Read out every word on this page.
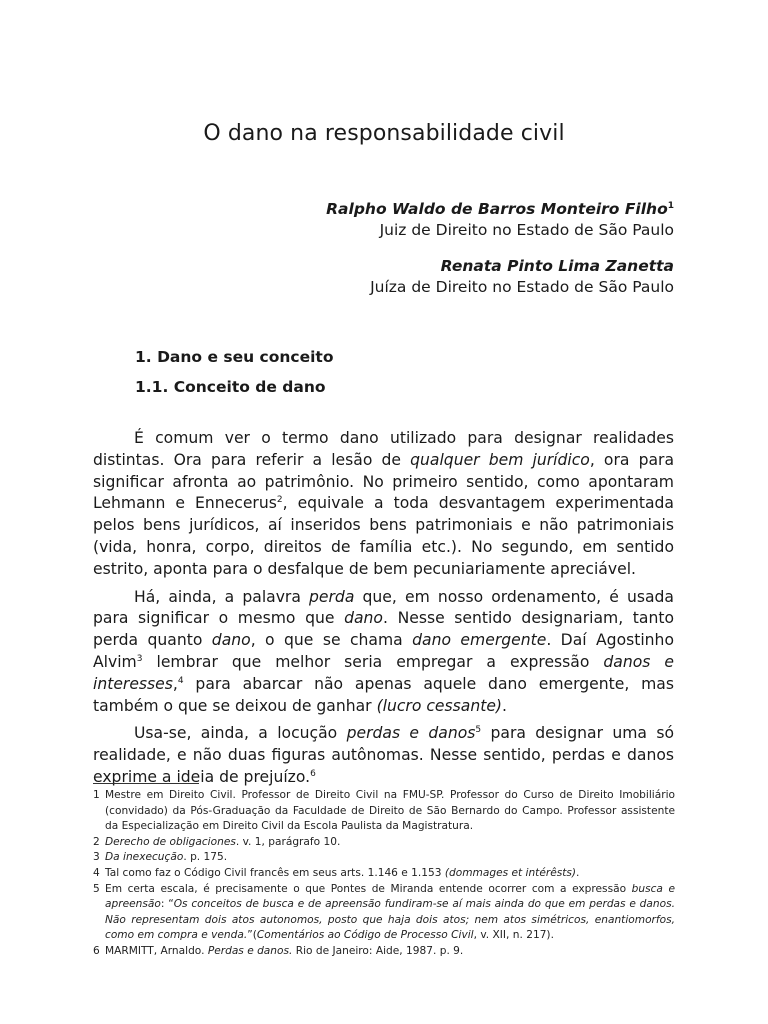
O dano na responsabilidade civil
Ralpho Waldo de Barros Monteiro Filho$^1$
Juiz de Direito no Estado de São Paulo
Renata Pinto Lima Zanetta
Juíza de Direito no Estado de São Paulo
1. Dano e seu conceito
1.1. Conceito de dano

É comum ver o termo dano utilizado para designar realidades distintas. Ora para referir a lesão de qualquer bem jurídico, ora para significar afronta ao patrimônio. No primeiro sentido, como apontaram Lehmann e Ennecerus$^2$, equivale a toda desvantagem experimentada pelos bens jurídicos, aí inseridos bens patrimoniais e não patrimoniais (vida, honra, corpo, direitos de família etc.). No segundo, em sentido estrito, aponta para o desfalque de bem pecuniariamente apreciável.

Há, ainda, a palavra perda que, em nosso ordenamento, é usada para significar o mesmo que dano. Nesse sentido designariam, tanto perda quanto dano, o que se chama dano emergente. Daí Agostinho Alvim$^3$ lembrar que melhor seria empregar a expressão danos e interesses,$^4$ para abarcar não apenas aquele dano emergente, mas também o que se deixou de ganhar (lucro cessante).

Usa-se, ainda, a locução perdas e danos$^5$ para designar uma só realidade, e não duas figuras autônomas. Nesse sentido, perdas e danos exprime a ideia de prejuízo.$^6$

1 Mestre em Direito Civil. Professor de Direito Civil na FMU-SP. Professor do Curso de Direito Imobiliário (convidado) da Pós-Graduação da Faculdade de Direito de São Bernardo do Campo. Professor assistente da Especialização em Direito Civil da Escola Paulista da Magistratura.
2 Derecho de obligaciones. v. 1, parágrafo 10.
3 Da inexecução. p. 175.
4 Tal como faz o Código Civil francês em seus arts. 1.146 e 1.153 (dommages et intérêsts).
5 Em certa escala, é precisamente o que Pontes de Miranda entende ocorrer com a expressão busca e apreensão: “Os conceitos de busca e de apreensão fundiram-se aí mais ainda do que em perdas e danos. Não representam dois atos autonomos, posto que haja dois atos; nem atos simétricos, enantiomorfos, como em compra e venda.”(Comentários ao Código de Processo Civil, v. XII, n. 217).
6 MARMITT, Arnaldo. Perdas e danos. Rio de Janeiro: Aide, 1987. p. 9.
